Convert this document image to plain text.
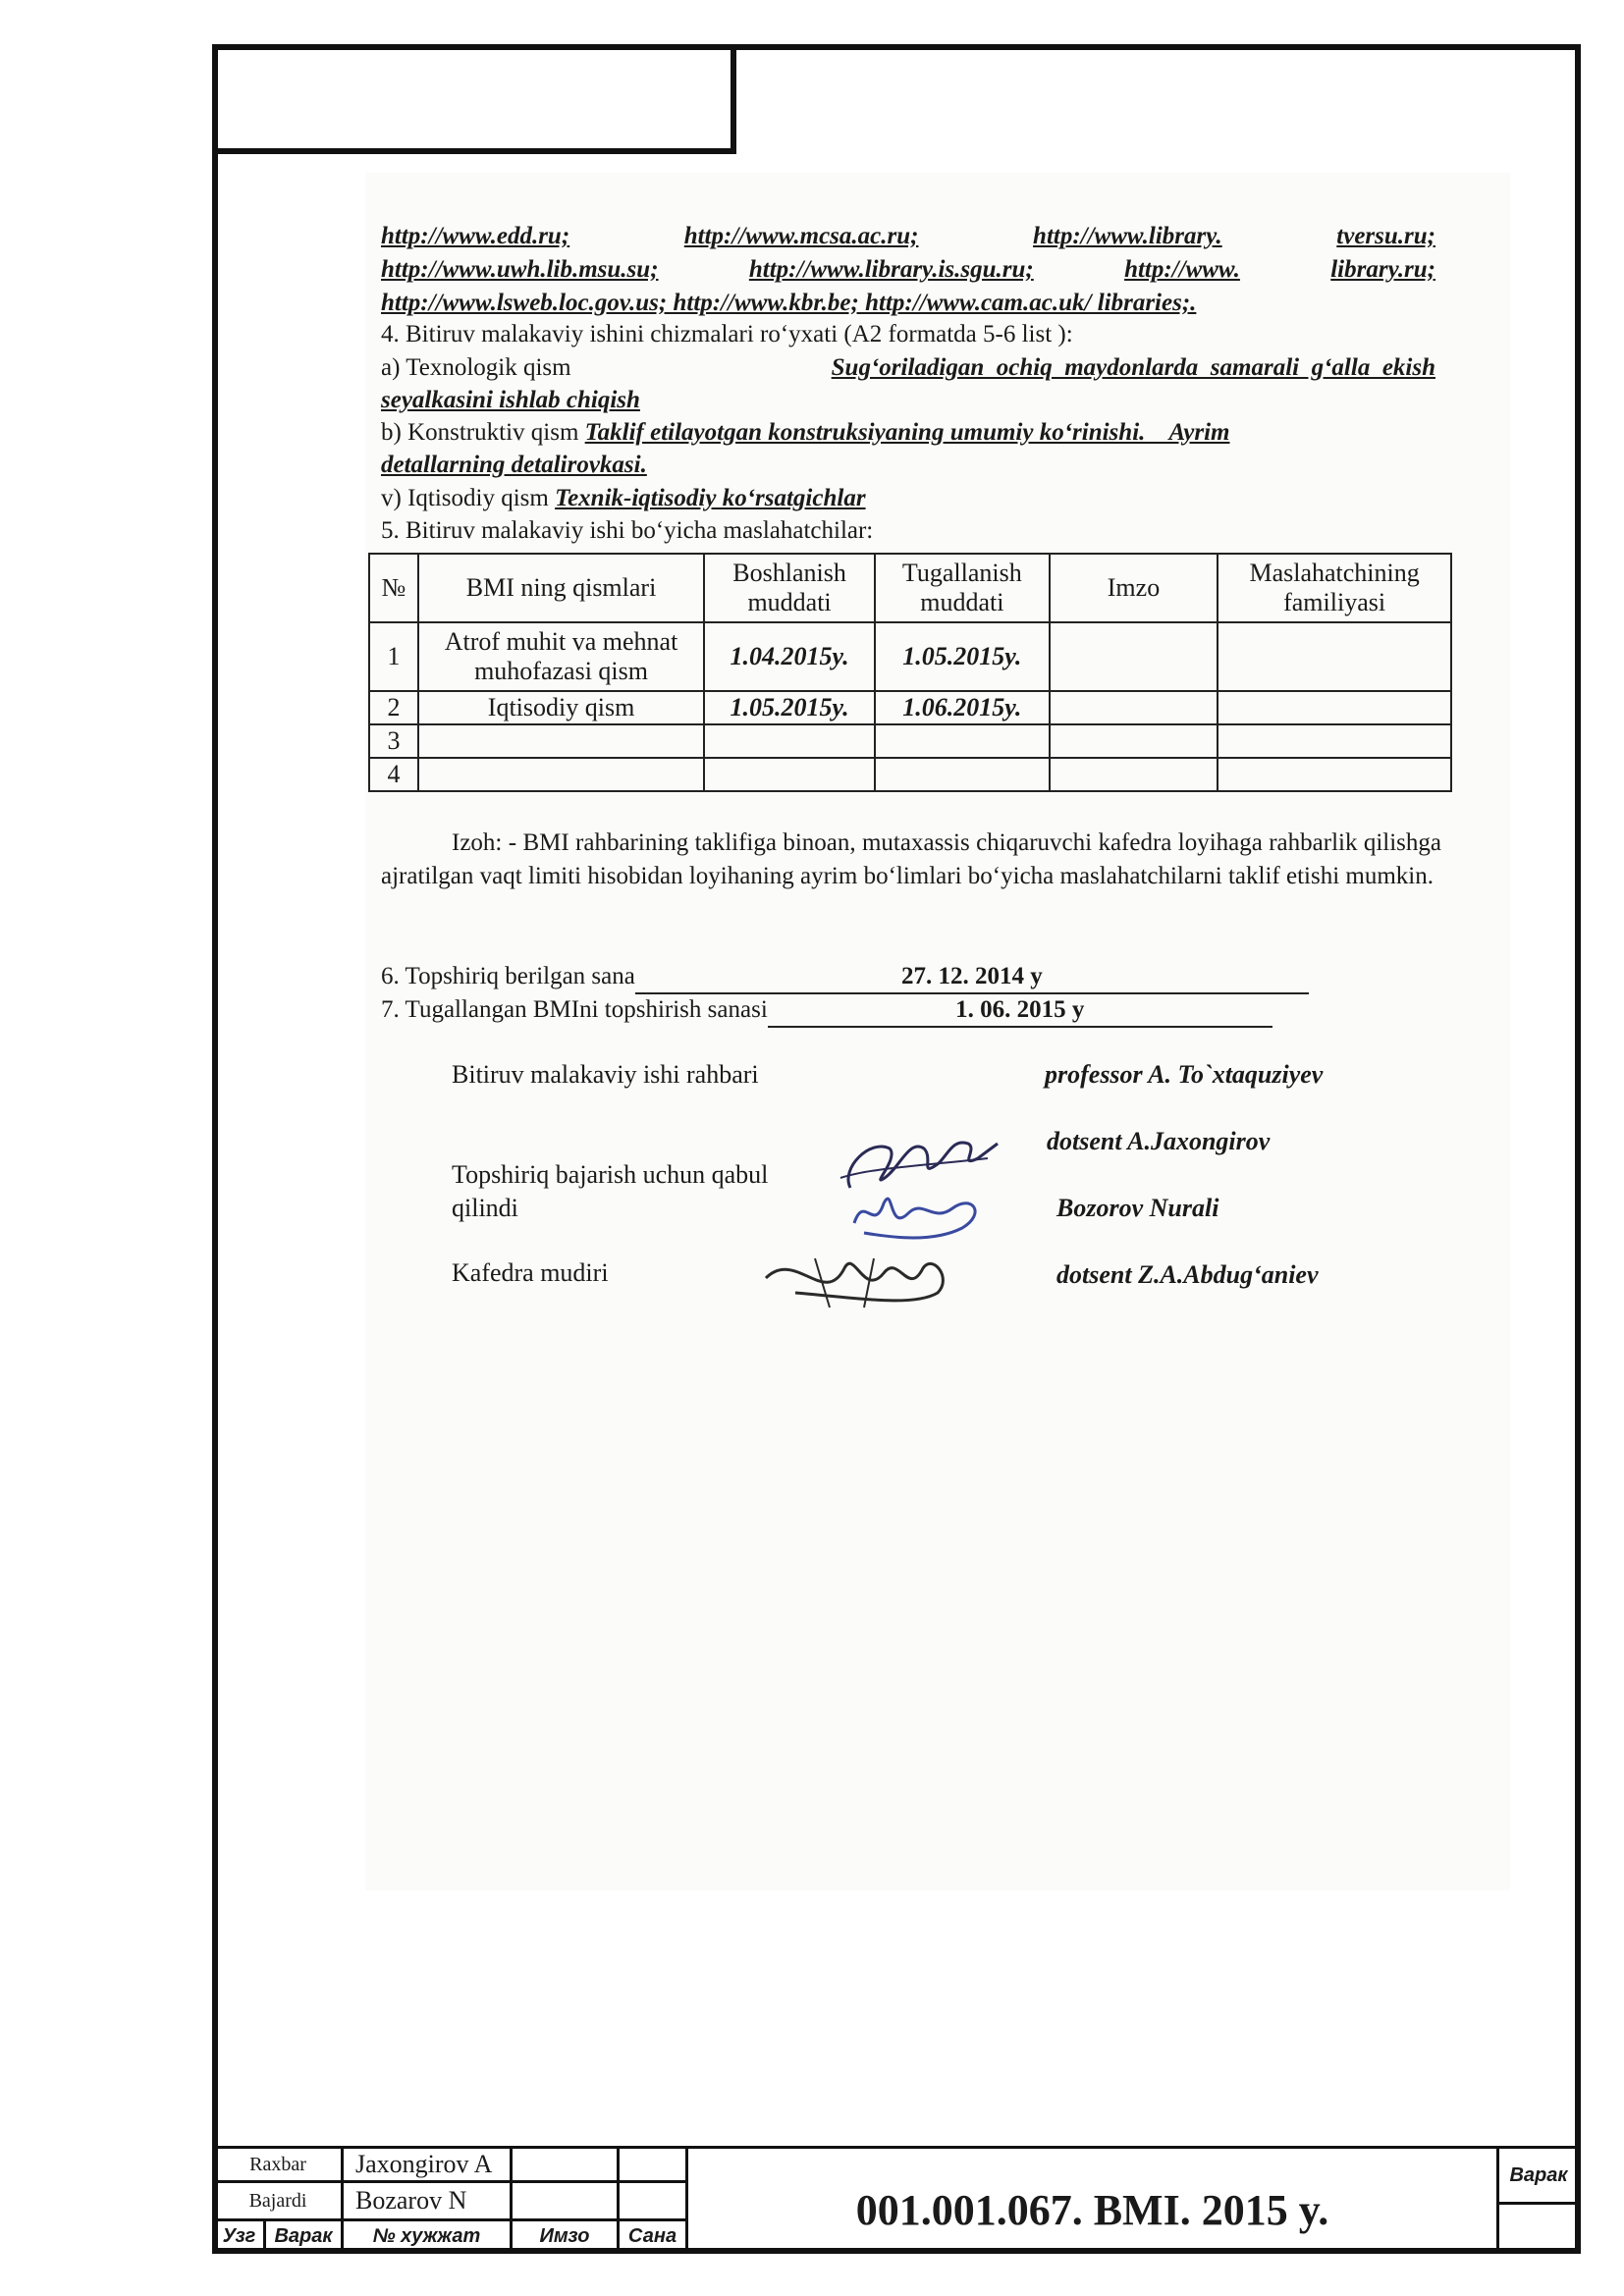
http://www.edd.ru;	http://www.mcsa.ac.ru;	http://www.library.	tversu.ru;
http://www.uwh.lib.msu.su;	http://www.library.is.sgu.ru;	http://www.	library.ru;
http://www.lsweb.loc.gov.us; http://www.kbr.be; http://www.cam.ac.uk/ libraries;.
4. Bitiruv malakaviy ishini chizmalari ro‘yxati (A2 formatda 5-6 list ):
a) Texnologik qism	Sug‘oriladigan  ochiq  maydonlarda  samarali  g‘alla  ekish
seyalkasini ishlab chiqish
b) Konstruktiv qism Taklif etilayotgan konstruksiyaning umumiy ko‘rinishi.    Ayrim
detallarning detalirovkasi.
v) Iqtisodiy qism Texnik-iqtisodiy ko‘rsatgichlar
5. Bitiruv malakaviy ishi bo‘yicha maslahatchilar:
№	BMI ning qismlari	Boshlanish muddati	Tugallanish muddati	Imzo	Maslahatchining familiyasi
1	Atrof muhit va mehnat muhofazasi qism	1.04.2015y.	1.05.2015y.		
2	Iqtisodiy qism	1.05.2015y.	1.06.2015y.		
3					
4					
Izoh: - BMI rahbarining taklifiga binoan, mutaxassis chiqaruvchi kafedra loyihaga rahbarlik qilishga ajratilgan vaqt limiti hisobidan loyihaning ayrim bo‘limlari bo‘yicha maslahatchilarni taklif etishi mumkin.
6. Topshiriq berilgan sana	27. 12. 2014 y
7. Tugallangan BMIni topshirish sanasi	1. 06. 2015 y
Bitiruv malakaviy ishi rahbari	professor A. To`xtaquziyev
dotsent A.Jaxongirov
Topshiriq bajarish uchun qabul
qilindi	Bozorov Nurali
Kafedra mudiri	dotsent Z.A.Abdug‘aniev
Raxbar	Jaxongirov A
Bajardi	Bozarov N
Узг Варак	№ хужжат	Имзо	Сана
001.001.067. BMI. 2015 y.
Варак
